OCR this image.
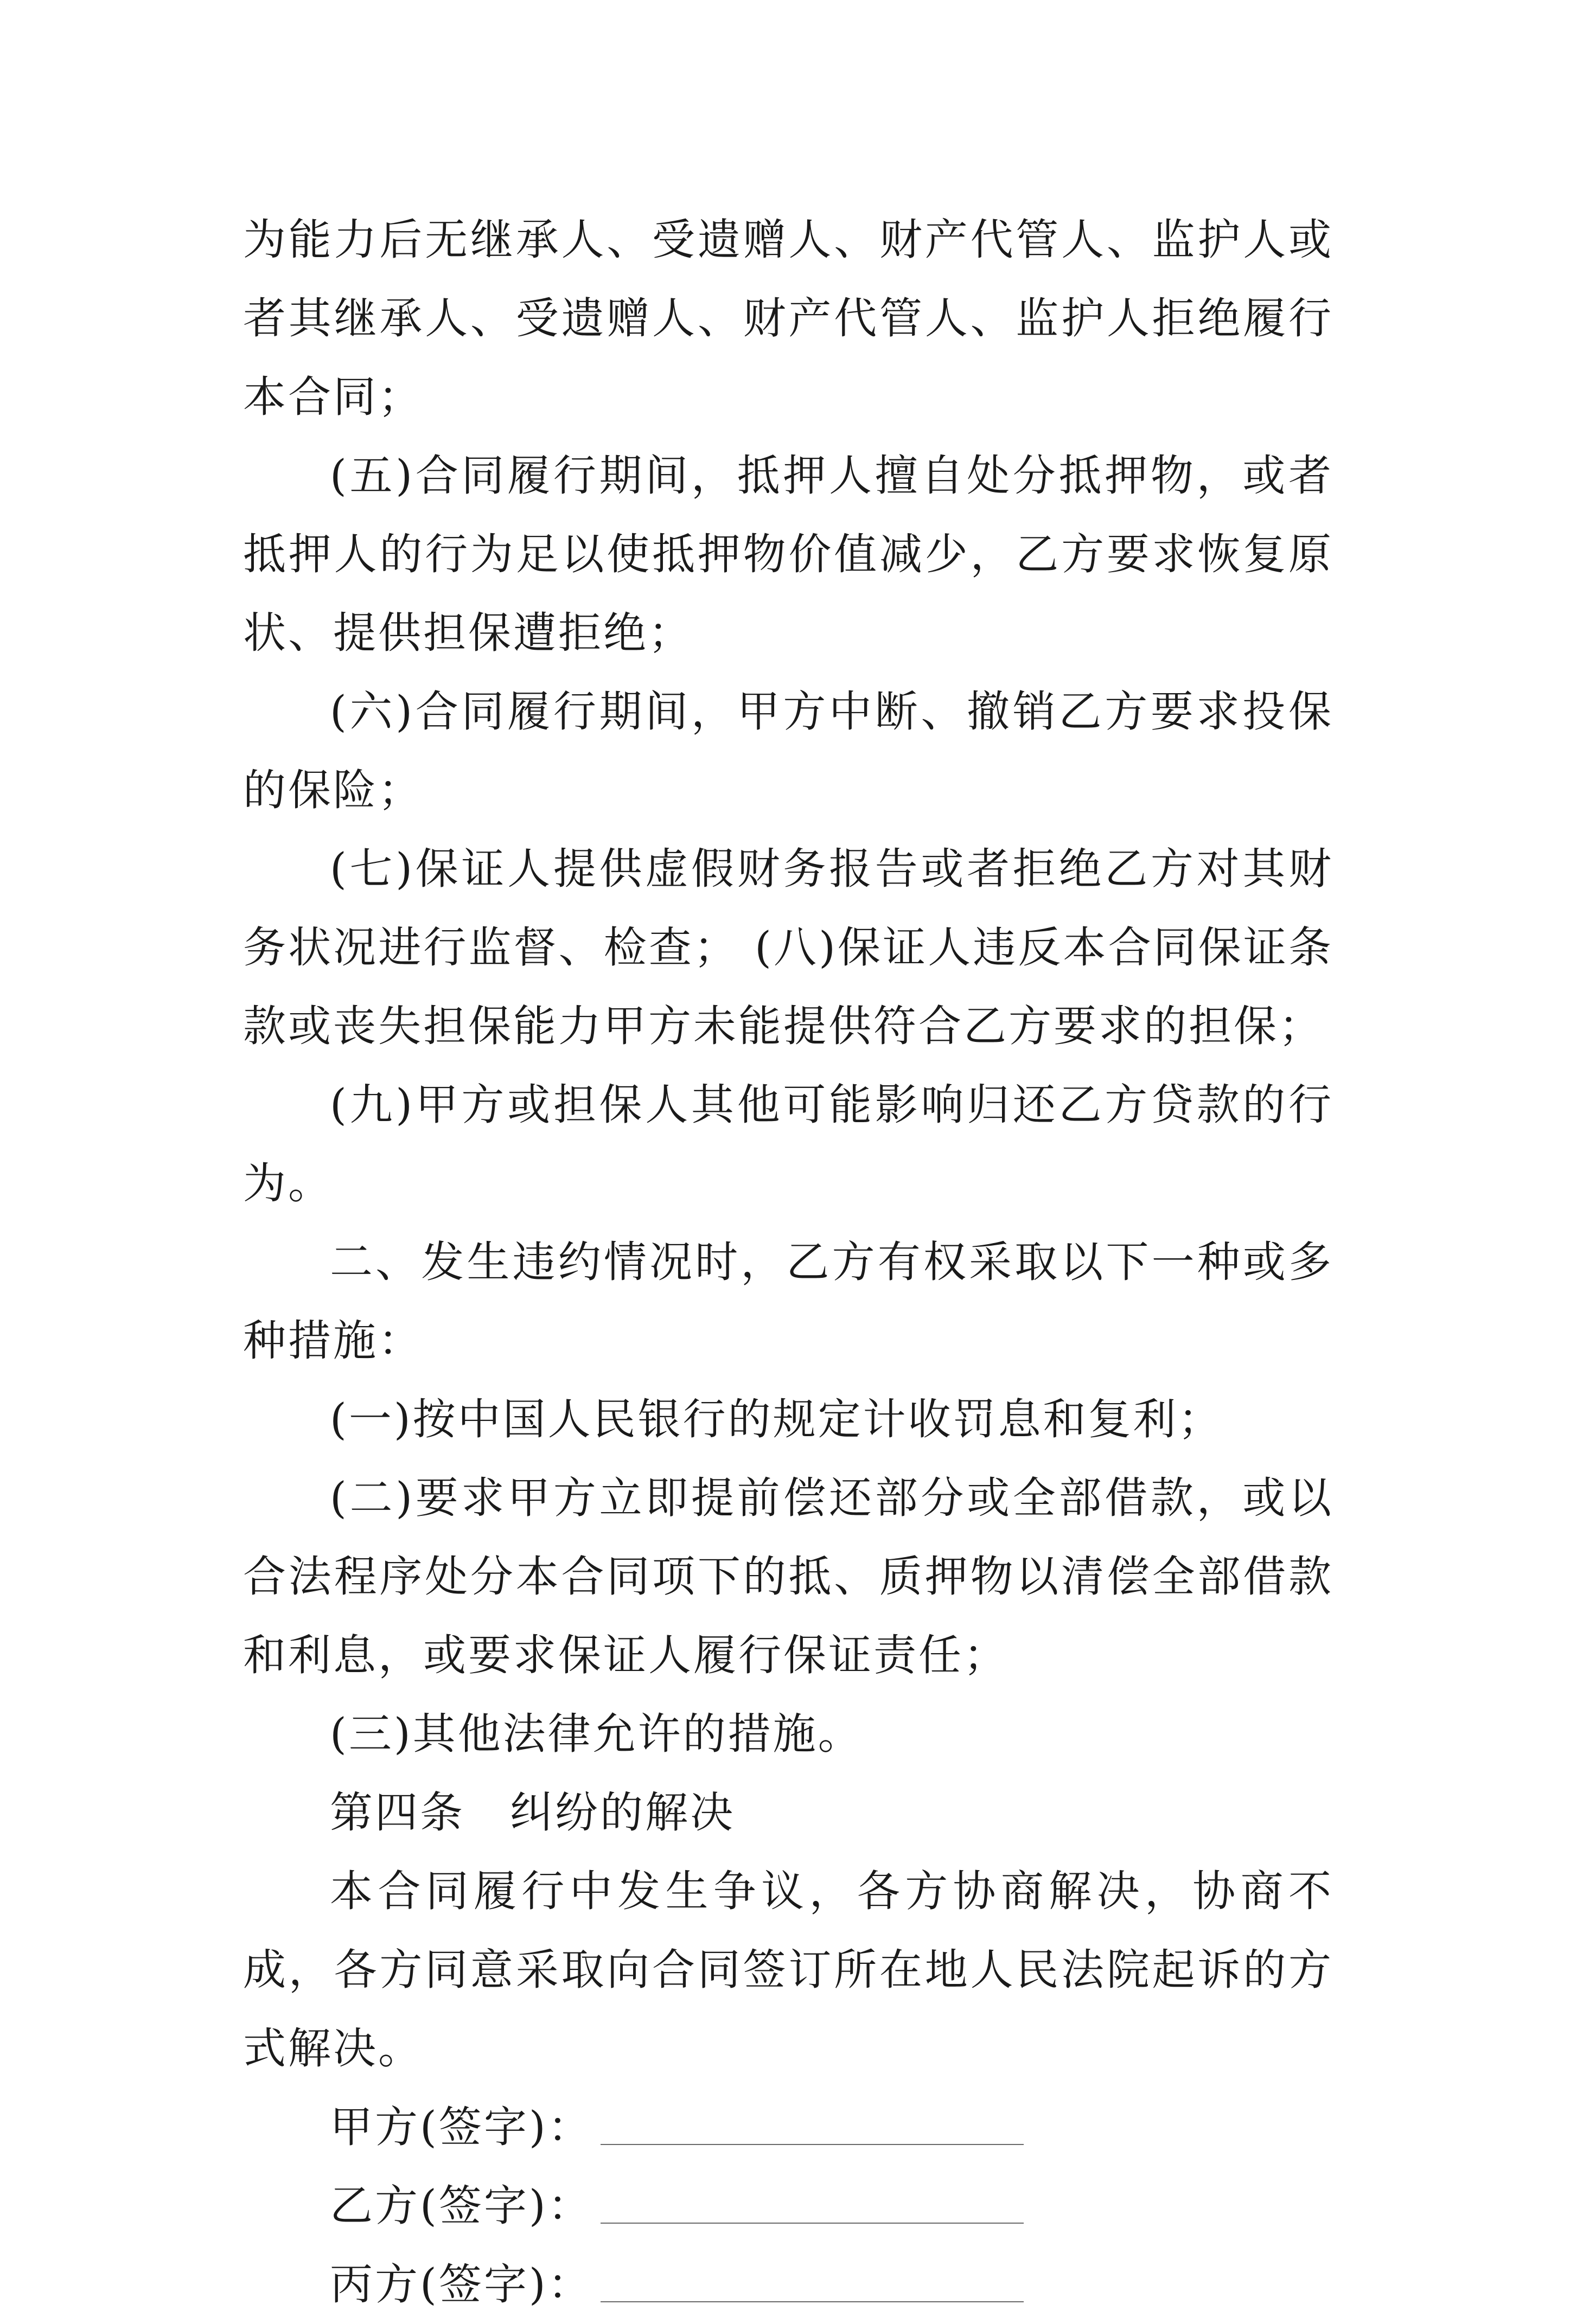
为能力后无继承人、受遗赠人、财产代管人、监护人或者其继承人、受遗赠人、财产代管人、监护人拒绝履行本合同；

(五)合同履行期间，抵押人擅自处分抵押物，或者抵押人的行为足以使抵押物价值减少，乙方要求恢复原状、提供担保遭拒绝；

(六)合同履行期间，甲方中断、撤销乙方要求投保的保险；

(七)保证人提供虚假财务报告或者拒绝乙方对其财务状况进行监督、检查； (八)保证人违反本合同保证条款或丧失担保能力甲方未能提供符合乙方要求的担保；

(九)甲方或担保人其他可能影响归还乙方贷款的行为。

二、发生违约情况时，乙方有权采取以下一种或多种措施：

(一)按中国人民银行的规定计收罚息和复利；

(二)要求甲方立即提前偿还部分或全部借款，或以合法程序处分本合同项下的抵、质押物以清偿全部借款和利息，或要求保证人履行保证责任；

(三)其他法律允许的措施。

第四条　纠纷的解决

本合同履行中发生争议，各方协商解决，协商不成，各方同意采取向合同签订所在地人民法院起诉的方式解决。

甲方(签字)：
乙方(签字)：
丙方(签字)：
